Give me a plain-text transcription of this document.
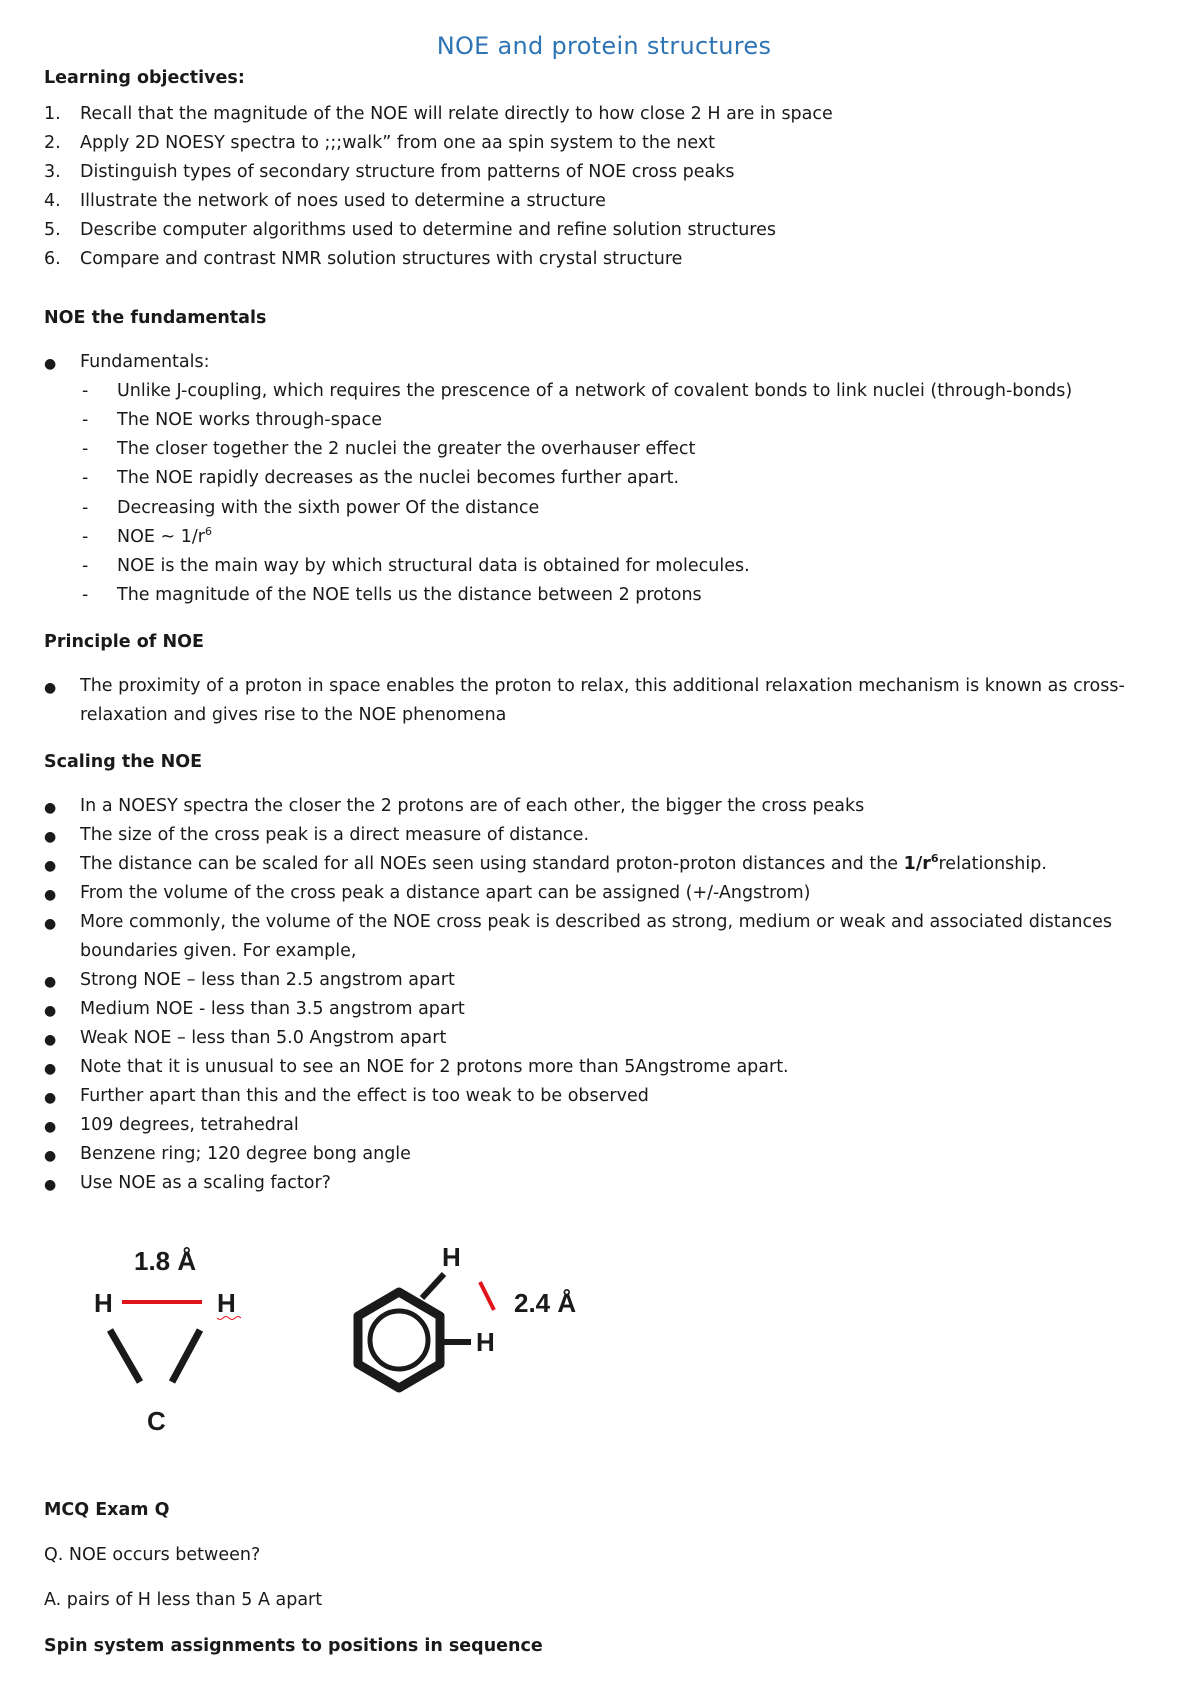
NOE and protein structures
Learning objectives:
1.	Recall that the magnitude of the NOE will relate directly to how close 2 H are in space
2.	Apply 2D NOESY spectra to ;;;walk” from one aa spin system to the next
3.	Distinguish types of secondary structure from patterns of NOE cross peaks
4.	Illustrate the network of noes used to determine a structure
5.	Describe computer algorithms used to determine and refine solution structures
6.	Compare and contrast NMR solution structures with crystal structure
NOE the fundamentals
●	Fundamentals:
- Unlike J-coupling, which requires the prescence of a network of covalent bonds to link nuclei (through-bonds)
- The NOE works through-space
- The closer together the 2 nuclei the greater the overhauser effect
- The NOE rapidly decreases as the nuclei becomes further apart.
- Decreasing with the sixth power Of the distance
- NOE ~ $1/r^6$
- NOE is the main way by which structural data is obtained for molecules.
- The magnitude of the NOE tells us the distance between 2 protons
Principle of NOE
●	The proximity of a proton in space enables the proton to relax, this additional relaxation mechanism is known as cross-
relaxation and gives rise to the NOE phenomena
Scaling the NOE
●	In a NOESY spectra the closer the 2 protons are of each other, the bigger the cross peaks
●	The size of the cross peak is a direct measure of distance.
●	The distance can be scaled for all NOEs seen using standard proton-proton distances and the $1/r^6relationship$.
●	From the volume of the cross peak a distance apart can be assigned (+/-Angstrom)
●	More commonly, the volume of the NOE cross peak is described as strong, medium or weak and associated distances
boundaries given. For example,
●	Strong NOE – less than 2.5 angstrom apart
●	Medium NOE - less than 3.5 angstrom apart
●	Weak NOE – less than 5.0 Angstrom apart
●	Note that it is unusual to see an NOE for 2 protons more than 5Angstrome apart.
●	Further apart than this and the effect is too weak to be observed
●	109 degrees, tetrahedral
●	Benzene ring; 120 degree bong angle
●	Use NOE as a scaling factor?
1.8 Å
H	H
C
H
H
2.4 Å
MCQ Exam Q
Q. NOE occurs between?
A. pairs of H less than 5 A apart
Spin system assignments to positions in sequence
